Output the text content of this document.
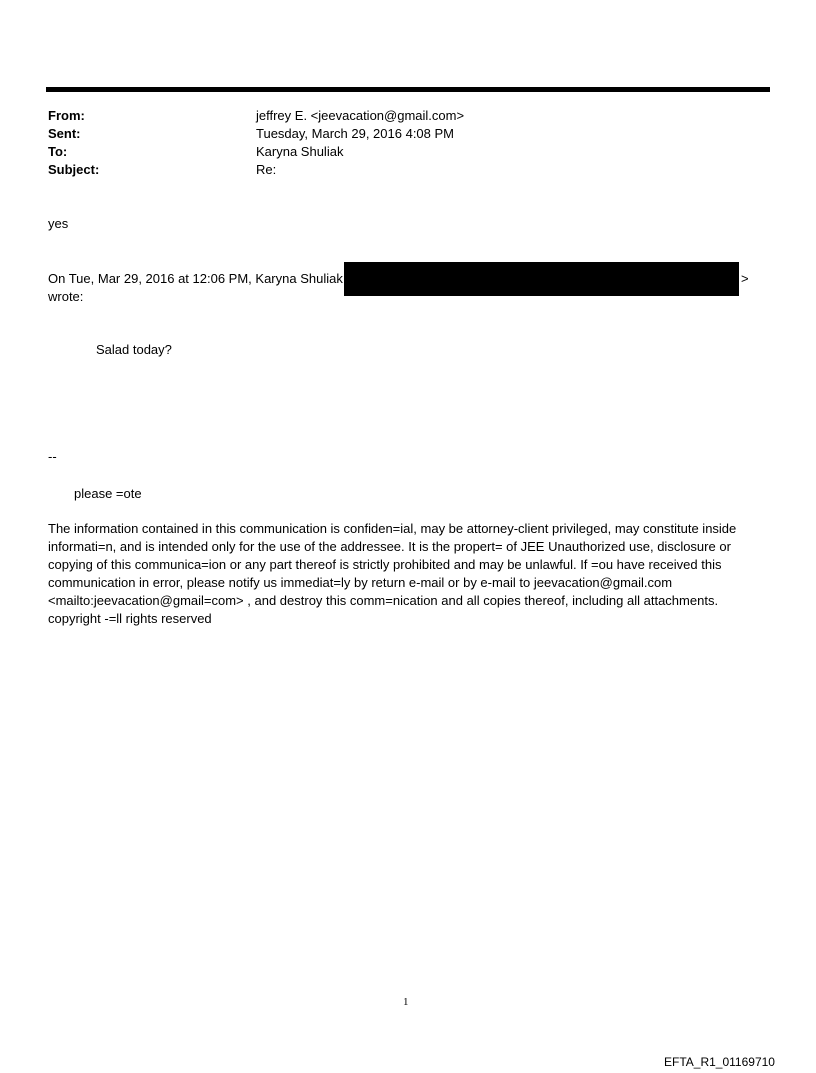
From:	jeffrey E. <jeevacation@gmail.com>
Sent:	Tuesday, March 29, 2016 4:08 PM
To:	Karyna Shuliak
Subject:	Re:
yes
On Tue, Mar 29, 2016 at 12:06 PM, Karyna Shuliak	>
wrote:
Salad today?
--
please =ote
The information contained in this communication is confiden=ial, may be attorney-client privileged, may constitute inside informati=n, and is intended only for the use of the addressee. It is the propert= of JEE Unauthorized use, disclosure or copying of this communica=ion or any part thereof is strictly prohibited and may be unlawful. If =ou have received this communication in error, please notify us immediat=ly by return e-mail or by e-mail to jeevacation@gmail.com <mailto:jeevacation@gmail=com> , and destroy this comm=nication and all copies thereof, including all attachments. copyright -=ll rights reserved
1
EFTA_R1_01169710
